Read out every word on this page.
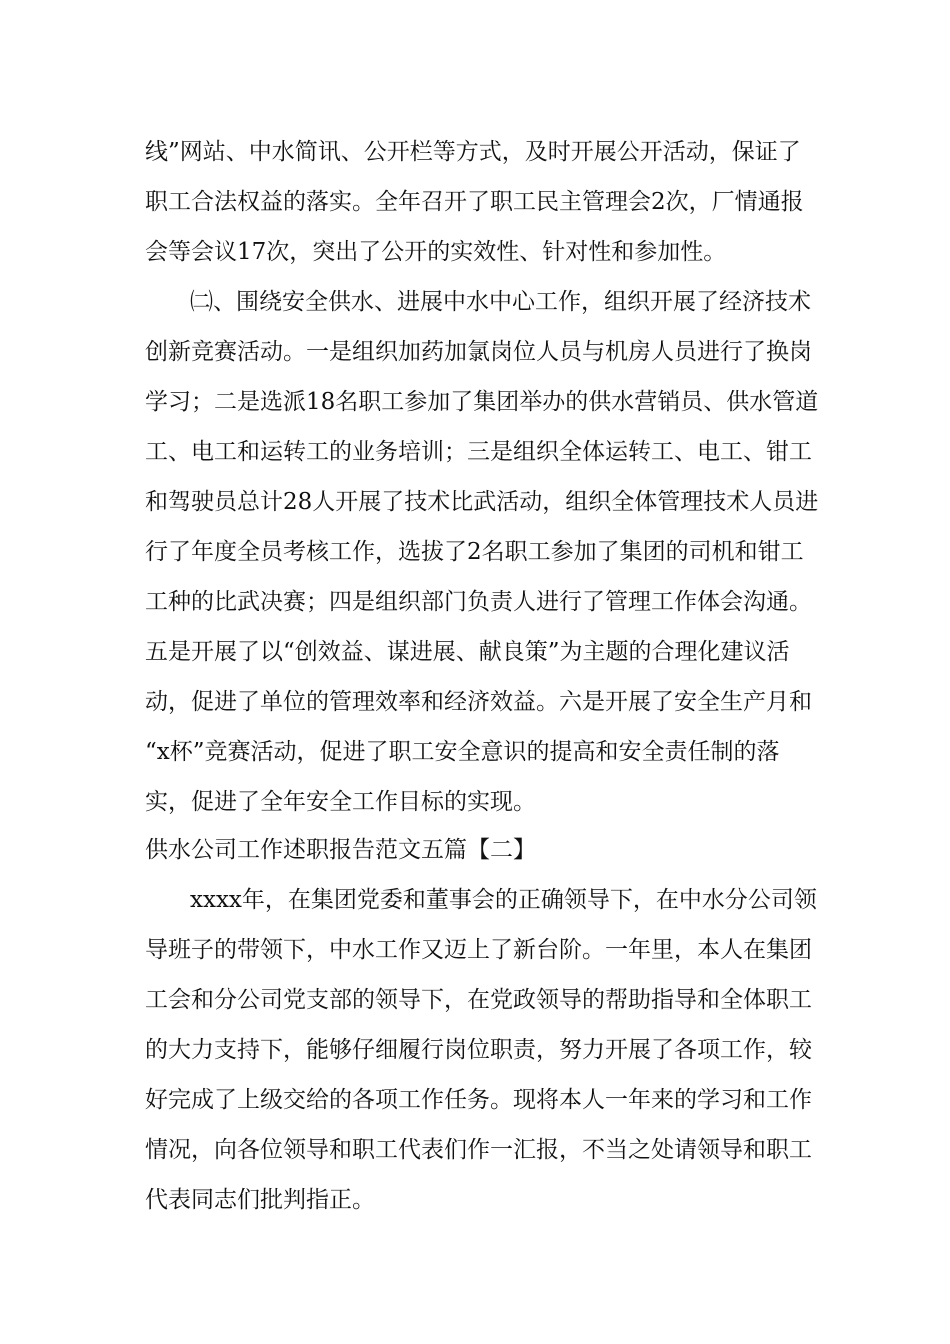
线”网站、中水简讯、公开栏等方式，及时开展公开活动，保证了
职工合法权益的落实。全年召开了职工民主管理会2次，厂情通报
会等会议17次，突出了公开的实效性、针对性和参加性。
㈡、围绕安全供水、进展中水中心工作，组织开展了经济技术
创新竞赛活动。一是组织加药加氯岗位人员与机房人员进行了换岗
学习；二是选派18名职工参加了集团举办的供水营销员、供水管道
工、电工和运转工的业务培训；三是组织全体运转工、电工、钳工
和驾驶员总计28人开展了技术比武活动，组织全体管理技术人员进
行了年度全员考核工作，选拔了2名职工参加了集团的司机和钳工
工种的比武决赛；四是组织部门负责人进行了管理工作体会沟通。
五是开展了以“创效益、谋进展、献良策”为主题的合理化建议活
动，促进了单位的管理效率和经济效益。六是开展了安全生产月和
“x杯”竞赛活动，促进了职工安全意识的提高和安全责任制的落
实，促进了全年安全工作目标的实现。
供水公司工作述职报告范文五篇【二】
xxxx年，在集团党委和董事会的正确领导下，在中水分公司领
导班子的带领下，中水工作又迈上了新台阶。一年里，本人在集团
工会和分公司党支部的领导下，在党政领导的帮助指导和全体职工
的大力支持下，能够仔细履行岗位职责，努力开展了各项工作，较
好完成了上级交给的各项工作任务。现将本人一年来的学习和工作
情况，向各位领导和职工代表们作一汇报，不当之处请领导和职工
代表同志们批判指正。
